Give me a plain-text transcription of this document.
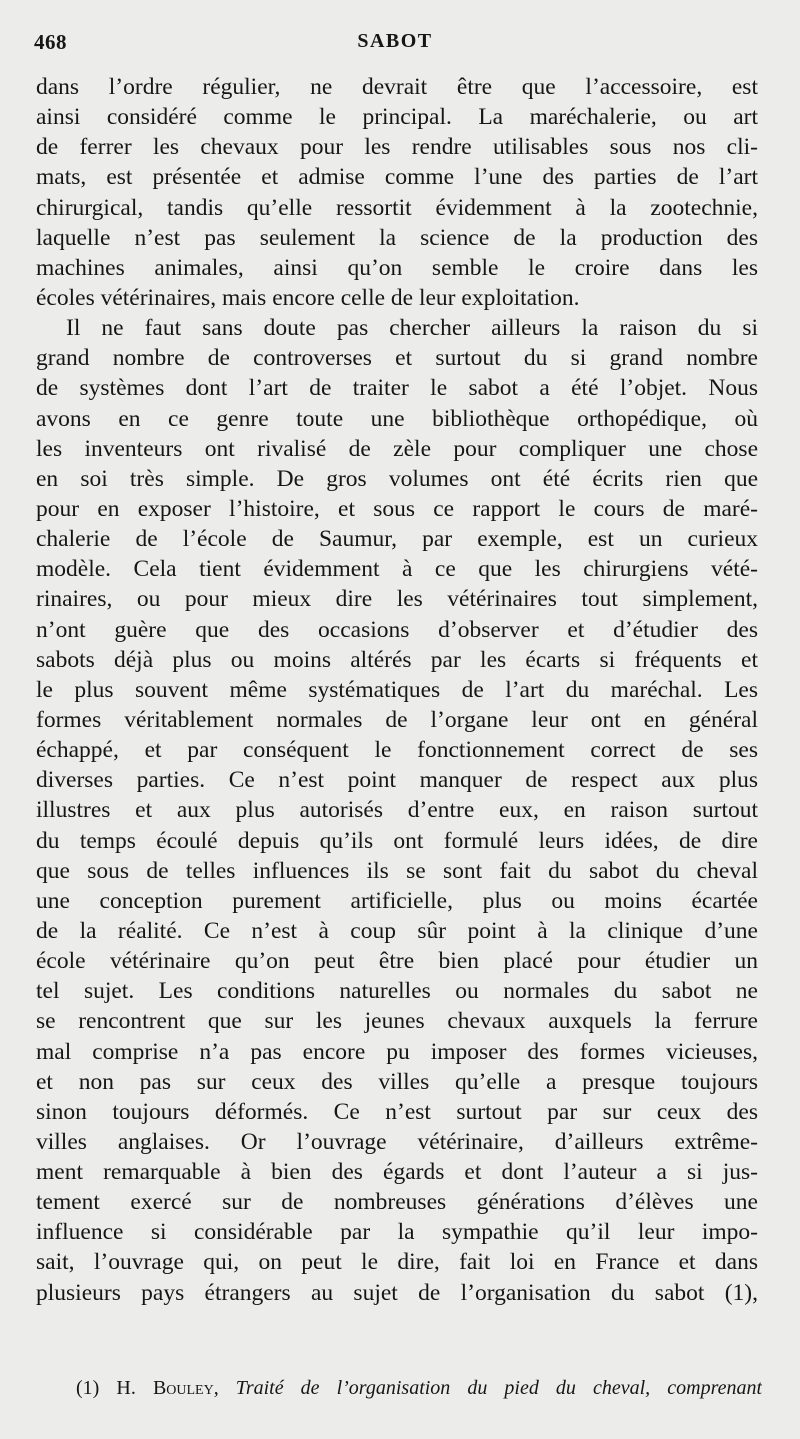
468	SABOT
dans l’ordre régulier, ne devrait être que l’accessoire, est
ainsi considéré comme le principal. La maréchalerie, ou art
de ferrer les chevaux pour les rendre utilisables sous nos cli-
mats, est présentée et admise comme l’une des parties de l’art
chirurgical, tandis qu’elle ressortit évidemment à la zootechnie,
laquelle n’est pas seulement la science de la production des
machines animales, ainsi qu’on semble le croire dans les
écoles vétérinaires, mais encore celle de leur exploitation.
Il ne faut sans doute pas chercher ailleurs la raison du si
grand nombre de controverses et surtout du si grand nombre
de systèmes dont l’art de traiter le sabot a été l’objet. Nous
avons en ce genre toute une bibliothèque orthopédique, où
les inventeurs ont rivalisé de zèle pour compliquer une chose
en soi très simple. De gros volumes ont été écrits rien que
pour en exposer l’histoire, et sous ce rapport le cours de maré-
chalerie de l’école de Saumur, par exemple, est un curieux
modèle. Cela tient évidemment à ce que les chirurgiens vété-
rinaires, ou pour mieux dire les vétérinaires tout simplement,
n’ont guère que des occasions d’observer et d’étudier des
sabots déjà plus ou moins altérés par les écarts si fréquents et
le plus souvent même systématiques de l’art du maréchal. Les
formes véritablement normales de l’organe leur ont en général
échappé, et par conséquent le fonctionnement correct de ses
diverses parties. Ce n’est point manquer de respect aux plus
illustres et aux plus autorisés d’entre eux, en raison surtout
du temps écoulé depuis qu’ils ont formulé leurs idées, de dire
que sous de telles influences ils se sont fait du sabot du cheval
une conception purement artificielle, plus ou moins écartée
de la réalité. Ce n’est à coup sûr point à la clinique d’une
école vétérinaire qu’on peut être bien placé pour étudier un
tel sujet. Les conditions naturelles ou normales du sabot ne
se rencontrent que sur les jeunes chevaux auxquels la ferrure
mal comprise n’a pas encore pu imposer des formes vicieuses,
et non pas sur ceux des villes qu’elle a presque toujours
sinon toujours déformés. Ce n’est surtout par sur ceux des
villes anglaises. Or l’ouvrage vétérinaire, d’ailleurs extrême-
ment remarquable à bien des égards et dont l’auteur a si jus-
tement exercé sur de nombreuses générations d’élèves une
influence si considérable par la sympathie qu’il leur impo-
sait, l’ouvrage qui, on peut le dire, fait loi en France et dans
plusieurs pays étrangers au sujet de l’organisation du sabot (1),
(1) H. Bouley, Traité de l’organisation du pied du cheval, comprenant
